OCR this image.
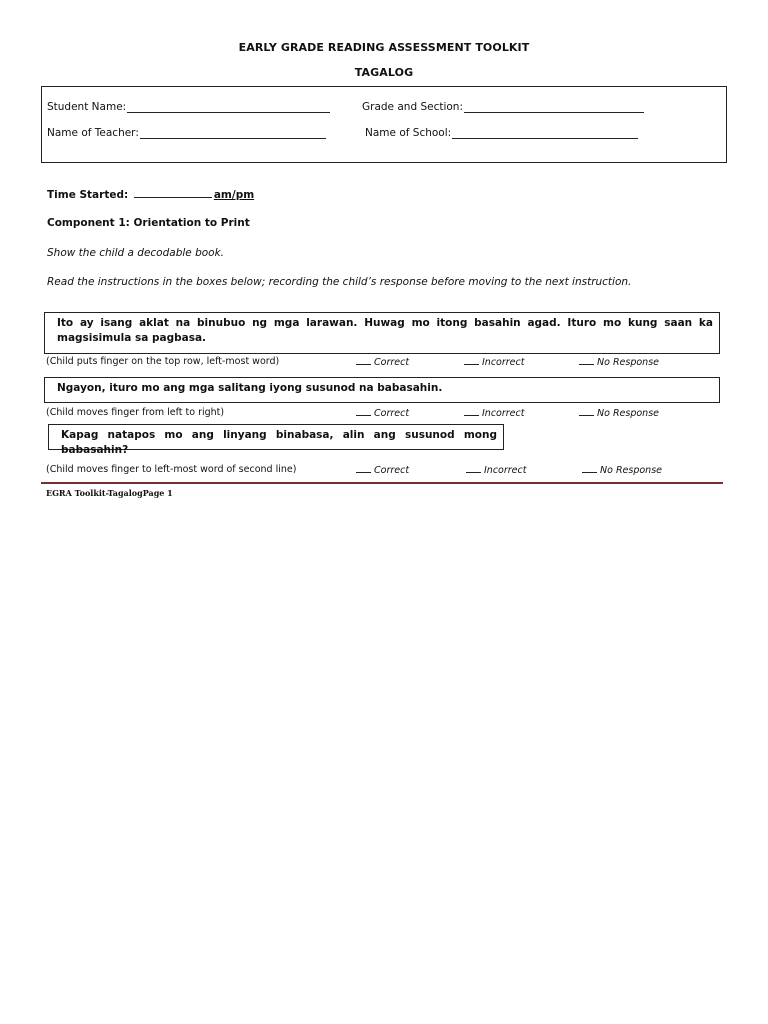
EARLY GRADE READING ASSESSMENT TOOLKIT
TAGALOG
Student Name:	Grade and Section:
Name of Teacher:	Name of School:
Time Started:	am/pm
Component 1: Orientation to Print
Show the child a decodable book.
Read the instructions in the boxes below; recording the child’s response before moving to the next instruction.
Ito ay isang aklat na binubuo ng mga larawan. Huwag mo itong basahin agad. Ituro mo kung saan ka magsisimula sa pagbasa.
(Child puts finger on the top row, left-most word)	Correct	Incorrect	No Response
Ngayon, ituro mo ang mga salitang iyong susunod na babasahin.
(Child moves finger from left to right)	Correct	Incorrect	No Response
Kapag natapos mo ang linyang binabasa, alin ang susunod mong babasahin?
(Child moves finger to left-most word of second line)	Correct	Incorrect	No Response
EGRA Toolkit-TagalogPage 1
